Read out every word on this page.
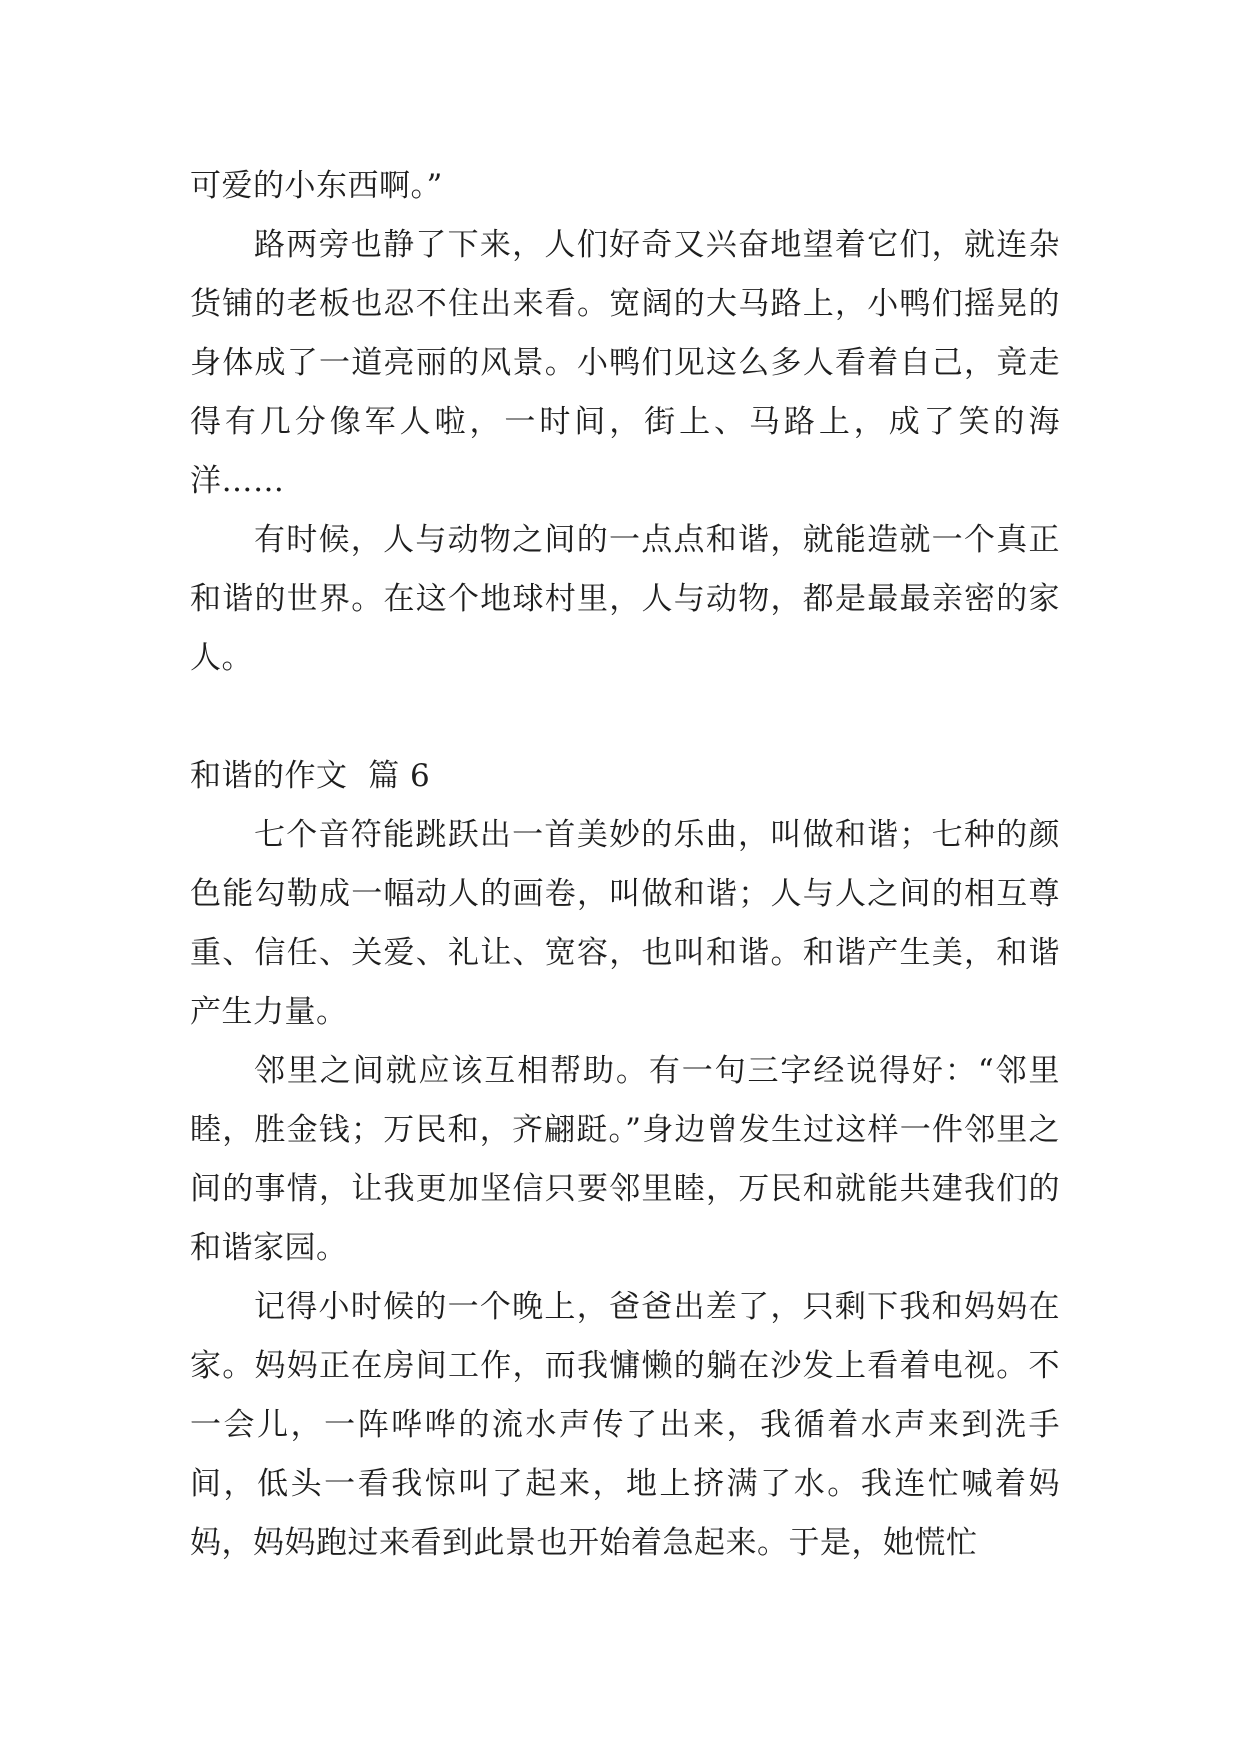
可爱的小东西啊。”

路两旁也静了下来，人们好奇又兴奋地望着它们，就连杂货铺的老板也忍不住出来看。宽阔的大马路上，小鸭们摇晃的身体成了一道亮丽的风景。小鸭们见这么多人看着自己，竟走得有几分像军人啦，一时间，街上、马路上，成了笑的海洋……

有时候，人与动物之间的一点点和谐，就能造就一个真正和谐的世界。在这个地球村里，人与动物，都是最最亲密的家人。

和谐的作文  篇 6

七个音符能跳跃出一首美妙的乐曲，叫做和谐；七种的颜色能勾勒成一幅动人的画卷，叫做和谐；人与人之间的相互尊重、信任、关爱、礼让、宽容，也叫和谐。和谐产生美，和谐产生力量。

邻里之间就应该互相帮助。有一句三字经说得好：“邻里睦，胜金钱；万民和，齐翩跹。”身边曾发生过这样一件邻里之间的事情，让我更加坚信只要邻里睦，万民和就能共建我们的和谐家园。

记得小时候的一个晚上，爸爸出差了，只剩下我和妈妈在家。妈妈正在房间工作，而我慵懒的躺在沙发上看着电视。不一会儿，一阵哗哗的流水声传了出来，我循着水声来到洗手间，低头一看我惊叫了起来，地上挤满了水。我连忙喊着妈妈，妈妈跑过来看到此景也开始着急起来。于是，她慌忙
